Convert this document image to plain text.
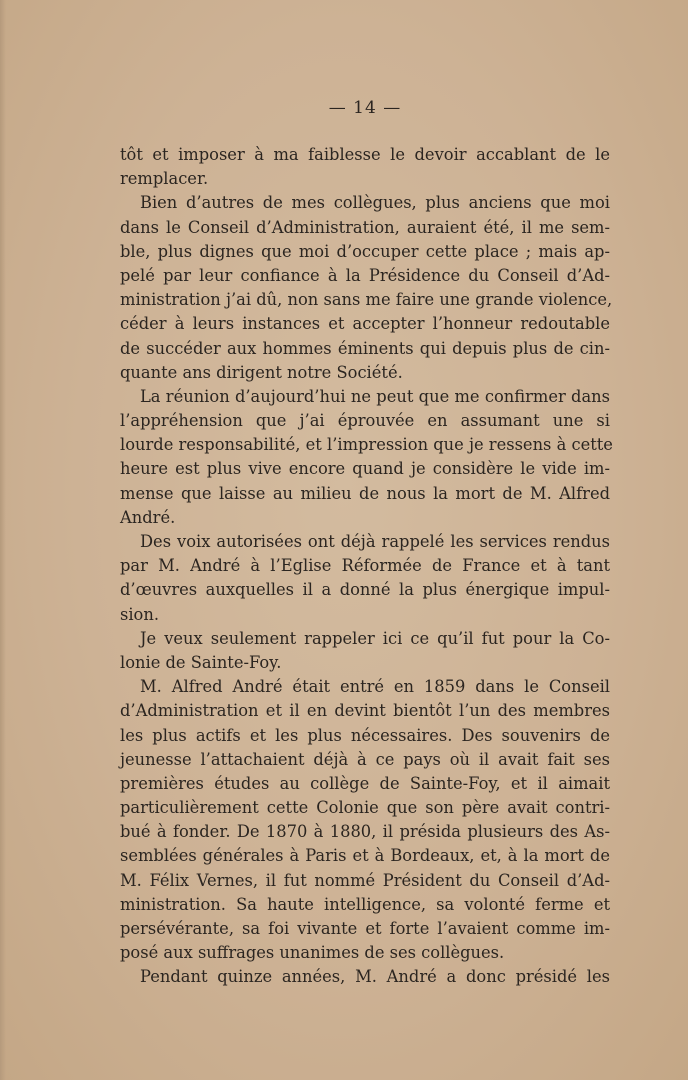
— 14 —
tôt et imposer à ma faiblesse le devoir accablant de le
remplacer.
Bien d’autres de mes collègues, plus anciens que moi
dans le Conseil d’Administration, auraient été, il me sem-
ble, plus dignes que moi d’occuper cette place ; mais ap-
pelé par leur confiance à la Présidence du Conseil d’Ad-
ministration j’ai dû, non sans me faire une grande violence,
céder à leurs instances et accepter l’honneur redoutable
de succéder aux hommes éminents qui depuis plus de cin-
quante ans dirigent notre Société.
La réunion d’aujourd’hui ne peut que me confirmer dans
l’appréhension que j’ai éprouvée en assumant une si
lourde responsabilité, et l’impression que je ressens à cette
heure est plus vive encore quand je considère le vide im-
mense que laisse au milieu de nous la mort de M. Alfred
André.
Des voix autorisées ont déjà rappelé les services rendus
par M. André à l’Eglise Réformée de France et à tant
d’œuvres auxquelles il a donné la plus énergique impul-
sion.
Je veux seulement rappeler ici ce qu’il fut pour la Co-
lonie de Sainte-Foy.
M. Alfred André était entré en 1859 dans le Conseil
d’Administration et il en devint bientôt l’un des membres
les plus actifs et les plus nécessaires. Des souvenirs de
jeunesse l’attachaient déjà à ce pays où il avait fait ses
premières études au collège de Sainte-Foy, et il aimait
particulièrement cette Colonie que son père avait contri-
bué à fonder. De 1870 à 1880, il présida plusieurs des As-
semblées générales à Paris et à Bordeaux, et, à la mort de
M. Félix Vernes, il fut nommé Président du Conseil d’Ad-
ministration. Sa haute intelligence, sa volonté ferme et
persévérante, sa foi vivante et forte l’avaient comme im-
posé aux suffrages unanimes de ses collègues.
Pendant quinze années, M. André a donc présidé les
